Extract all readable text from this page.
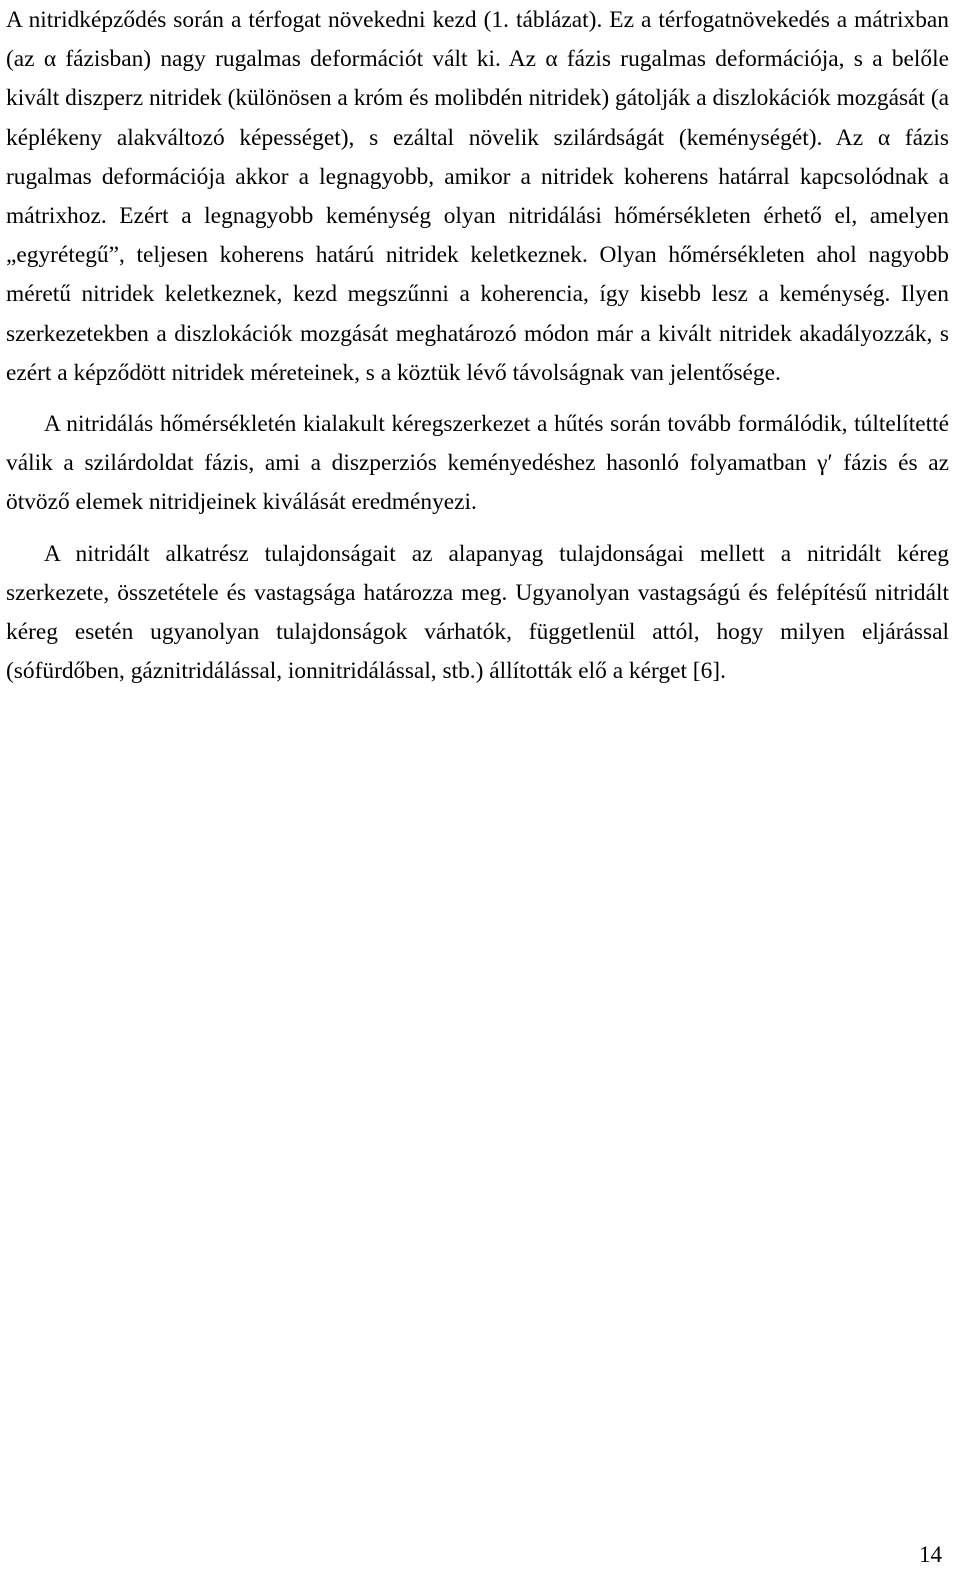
A nitridképződés során a térfogat növekedni kezd (1. táblázat). Ez a térfogatnövekedés a mátrixban (az α fázisban) nagy rugalmas deformációt vált ki. Az α fázis rugalmas deformációja, s a belőle kivált diszperz nitridek (különösen a króm és molibdén nitridek) gátolják a diszlokációk mozgását (a képlékeny alakváltozó képességet), s ezáltal növelik szilárdságát (keménységét). Az α fázis rugalmas deformációja akkor a legnagyobb, amikor a nitridek koherens határral kapcsolódnak a mátrixhoz. Ezért a legnagyobb keménység olyan nitridálási hőmérsékleten érhető el, amelyen „egyrétegű”, teljesen koherens határú nitridek keletkeznek. Olyan hőmérsékleten ahol nagyobb méretű nitridek keletkeznek, kezd megszűnni a koherencia, így kisebb lesz a keménység. Ilyen szerkezetekben a diszlokációk mozgását meghatározó módon már a kivált nitridek akadályozzák, s ezért a képződött nitridek méreteinek, s a köztük lévő távolságnak van jelentősége.

A nitridálás hőmérsékletén kialakult kéregszerkezet a hűtés során tovább formálódik, túltelítetté válik a szilárdoldat fázis, ami a diszperziós keményedéshez hasonló folyamatban γ′ fázis és az ötvöző elemek nitridjeinek kiválását eredményezi.

A nitridált alkatrész tulajdonságait az alapanyag tulajdonságai mellett a nitridált kéreg szerkezete, összetétele és vastagsága határozza meg. Ugyanolyan vastagságú és felépítésű nitridált kéreg esetén ugyanolyan tulajdonságok várhatók, függetlenül attól, hogy milyen eljárással (sófürdőben, gáznitridálással, ionnitridálással, stb.) állították elő a kérget [6].

14
